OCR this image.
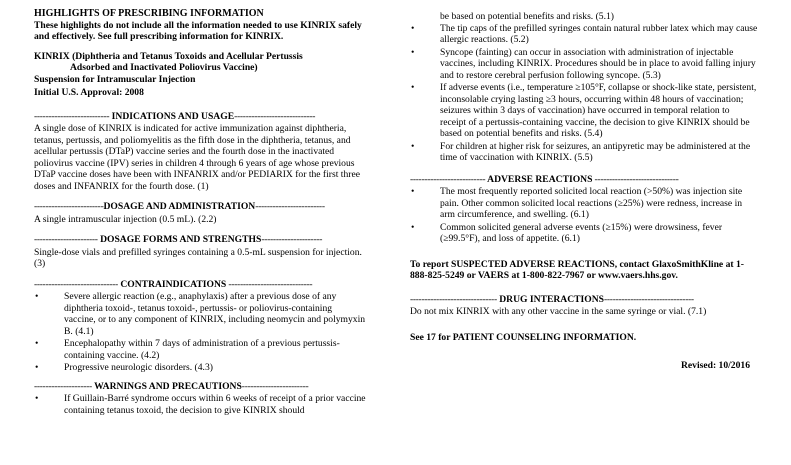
HIGHLIGHTS OF PRESCRIBING INFORMATION

These highlights do not include all the information needed to use KINRIX safely and effectively. See full prescribing information for KINRIX.

KINRIX (Diphtheria and Tetanus Toxoids and Acellular Pertussis
Adsorbed and Inactivated Poliovirus Vaccine)
Suspension for Intramuscular Injection
Initial U.S. Approval: 2008
-------------------------- INDICATIONS AND USAGE----------------------------

A single dose of KINRIX is indicated for active immunization against diphtheria, tetanus, pertussis, and poliomyelitis as the fifth dose in the diphtheria, tetanus, and acellular pertussis (DTaP) vaccine series and the fourth dose in the inactivated poliovirus vaccine (IPV) series in children 4 through 6 years of age whose previous DTaP vaccine doses have been with INFANRIX and/or PEDIARIX for the first three doses and INFANRIX for the fourth dose. (1)

------------------------DOSAGE AND ADMINISTRATION------------------------

A single intramuscular injection (0.5 mL). (2.2)

---------------------- DOSAGE FORMS AND STRENGTHS---------------------

Single-dose vials and prefilled syringes containing a 0.5-mL suspension for injection. (3)

----------------------------- CONTRAINDICATIONS -----------------------------
•	Severe allergic reaction (e.g., anaphylaxis) after a previous dose of any diphtheria toxoid-, tetanus toxoid-, pertussis- or poliovirus-containing vaccine, or to any component of KINRIX, including neomycin and polymyxin B. (4.1)
•	Encephalopathy within 7 days of administration of a previous pertussis-containing vaccine. (4.2)
•	Progressive neurologic disorders. (4.3)
-------------------- WARNINGS AND PRECAUTIONS-----------------------
•	If Guillain-Barré syndrome occurs within 6 weeks of receipt of a prior vaccine containing tetanus toxoid, the decision to give KINRIX should

be based on potential benefits and risks. (5.1)

•	The tip caps of the prefilled syringes contain natural rubber latex which may cause allergic reactions. (5.2)
•	Syncope (fainting) can occur in association with administration of injectable vaccines, including KINRIX. Procedures should be in place to avoid falling injury and to restore cerebral perfusion following syncope. (5.3)
•	If adverse events (i.e., temperature ≥105°F, collapse or shock-like state, persistent, inconsolable crying lasting ≥3 hours, occurring within 48 hours of vaccination; seizures within 3 days of vaccination) have occurred in temporal relation to receipt of a pertussis-containing vaccine, the decision to give KINRIX should be based on potential benefits and risks. (5.4)
•	For children at higher risk for seizures, an antipyretic may be administered at the time of vaccination with KINRIX. (5.5)
-------------------------- ADVERSE REACTIONS -----------------------------
•	The most frequently reported solicited local reaction (>50%) was injection site pain. Other common solicited local reactions (≥25%) were redness, increase in arm circumference, and swelling. (6.1)
•	Common solicited general adverse events (≥15%) were drowsiness, fever (≥99.5°F), and loss of appetite. (6.1)

To report SUSPECTED ADVERSE REACTIONS, contact GlaxoSmithKline at 1-888-825-5249 or VAERS at 1-800-822-7967 or www.vaers.hhs.gov.

------------------------------ DRUG INTERACTIONS-------------------------------

Do not mix KINRIX with any other vaccine in the same syringe or vial. (7.1)

See 17 for PATIENT COUNSELING INFORMATION.

Revised: 10/2016
